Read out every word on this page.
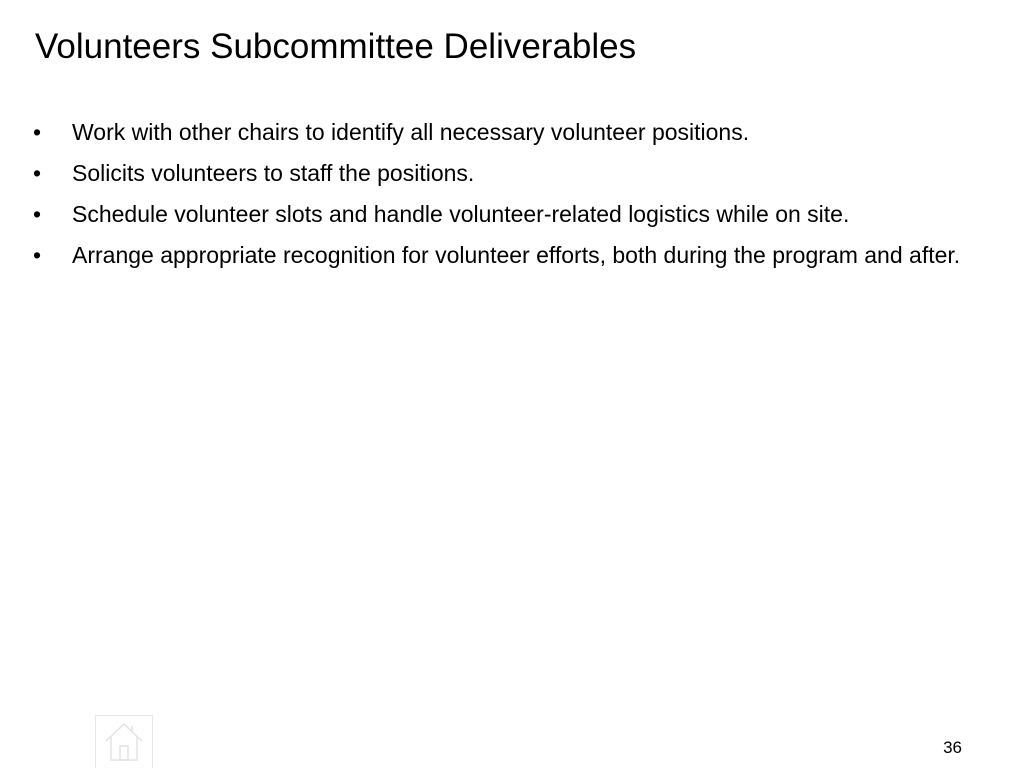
Volunteers Subcommittee Deliverables
•	Work with other chairs to identify all necessary volunteer positions.
•	Solicits volunteers to staff the positions.
•	Schedule volunteer slots and handle volunteer-related logistics while on site.
•	Arrange appropriate recognition for volunteer efforts, both during the program and after.
36
